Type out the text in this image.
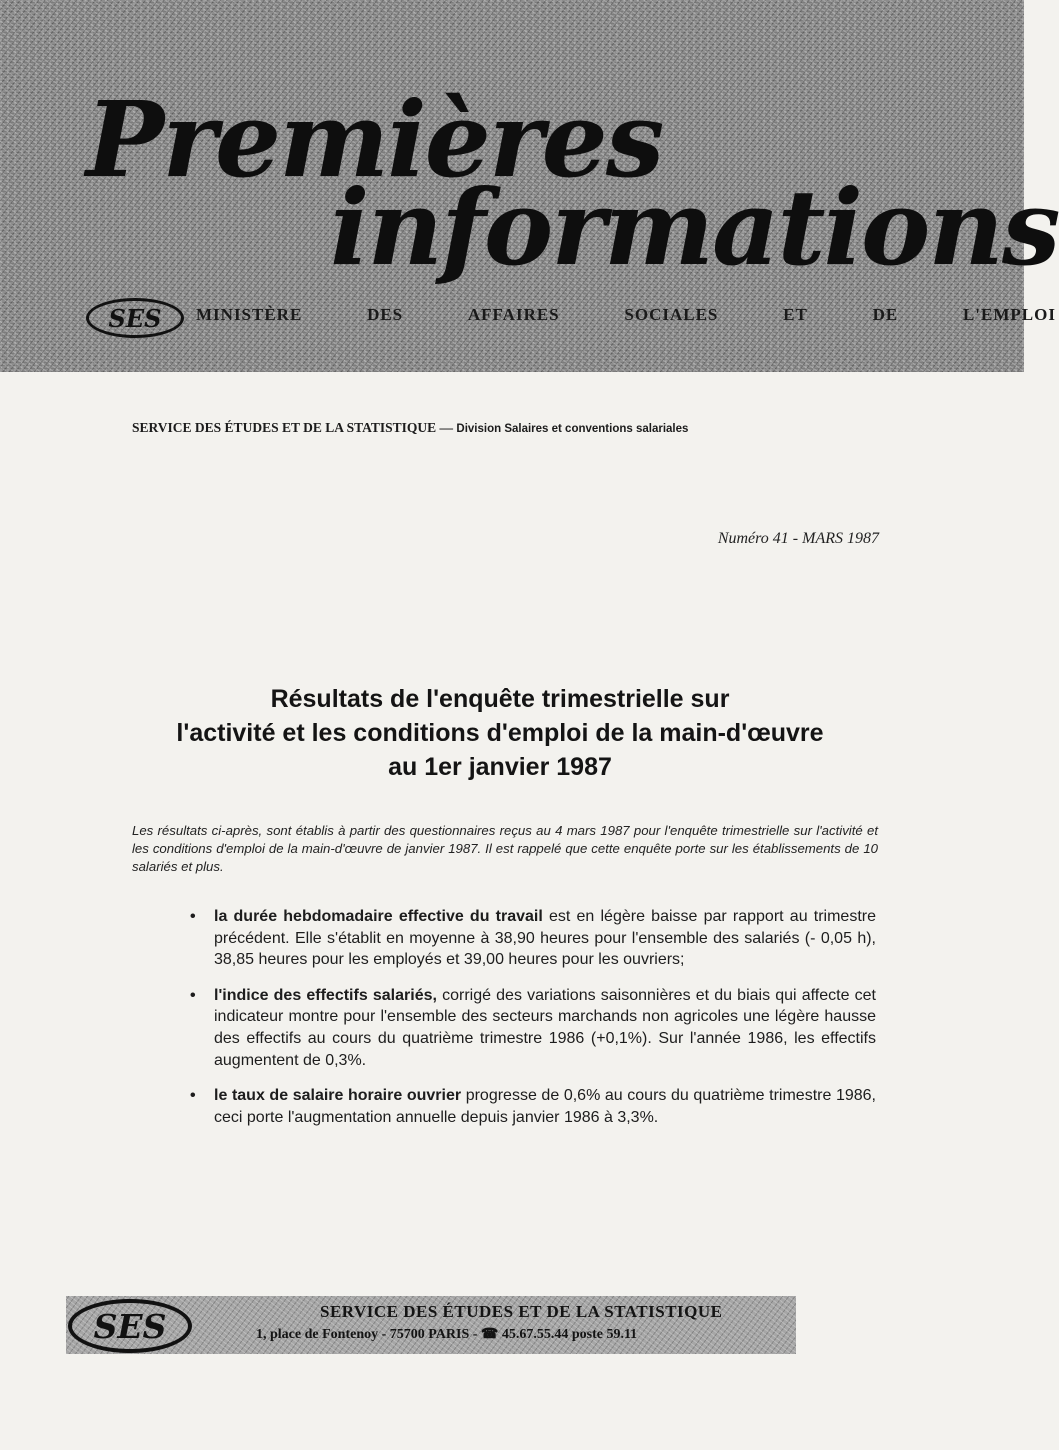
Premières
informations
SES MINISTÈRE	DES	AFFAIRES	SOCIALES	ET	DE	L'EMPLOI

SERVICE DES ÉTUDES ET DE LA STATISTIQUE — Division Salaires et conventions salariales

Numéro 41 - MARS 1987

Résultats de l'enquête trimestrielle sur
l'activité et les conditions d'emploi de la main-d'œuvre
au 1er janvier 1987

Les résultats ci-après, sont établis à partir des questionnaires reçus au 4 mars 1987 pour l'enquête trimestrielle sur l'activité et les conditions d'emploi de la main-d'œuvre de janvier 1987. Il est rappelé que cette enquête porte sur les établissements de 10 salariés et plus.

• la durée hebdomadaire effective du travail est en légère baisse par rapport au trimestre précédent. Elle s'établit en moyenne à 38,90 heures pour l'ensemble des salariés (- 0,05 h), 38,85 heures pour les employés et 39,00 heures pour les ouvriers;
• l'indice des effectifs salariés, corrigé des variations saisonnières et du biais qui affecte cet indicateur montre pour l'ensemble des secteurs marchands non agricoles une légère hausse des effectifs au cours du quatrième trimestre 1986 (+0,1%). Sur l'année 1986, les effectifs augmentent de 0,3%.
• le taux de salaire horaire ouvrier progresse de 0,6% au cours du quatrième trimestre 1986, ceci porte l'augmentation annuelle depuis janvier 1986 à 3,3%.
SES	SERVICE DES ÉTUDES ET DE LA STATISTIQUE

1, place de Fontenoy - 75700 PARIS - ☎ 45.67.55.44 poste 59.11
